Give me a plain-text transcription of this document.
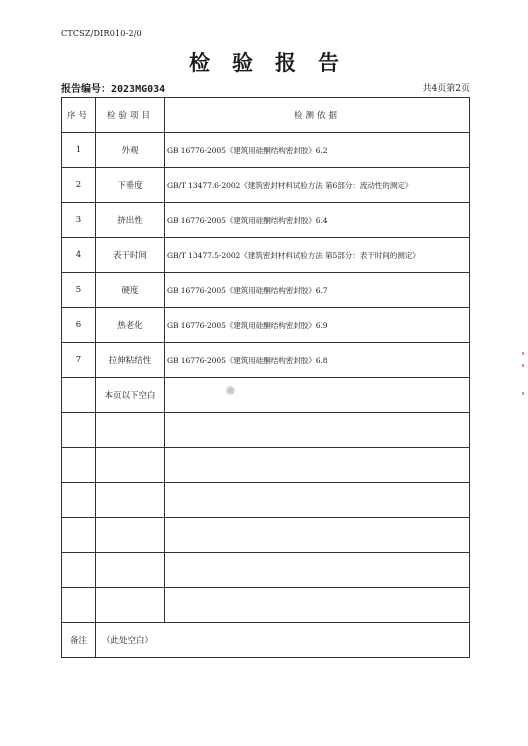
CTCSZ/DIR010-2/0
检验报告
报告编号：2023MG034	共4页第2页
序号	检验项目	检测依据
1	外观	GB 16776-2005《建筑用硅酮结构密封胶》6.2
2	下垂度	GB/T 13477.6-2002《建筑密封材料试验方法 第6部分：流动性的测定》
3	挤出性	GB 16776-2005《建筑用硅酮结构密封胶》6.4
4	表干时间	GB/T 13477.5-2002《建筑密封材料试验方法 第5部分：表干时间的测定》
5	硬度	GB 16776-2005《建筑用硅酮结构密封胶》6.7
6	热老化	GB 16776-2005《建筑用硅酮结构密封胶》6.9
7	拉伸粘结性	GB 16776-2005《建筑用硅酮结构密封胶》6.8
	本页以下空白	

备注	（此处空白）	
